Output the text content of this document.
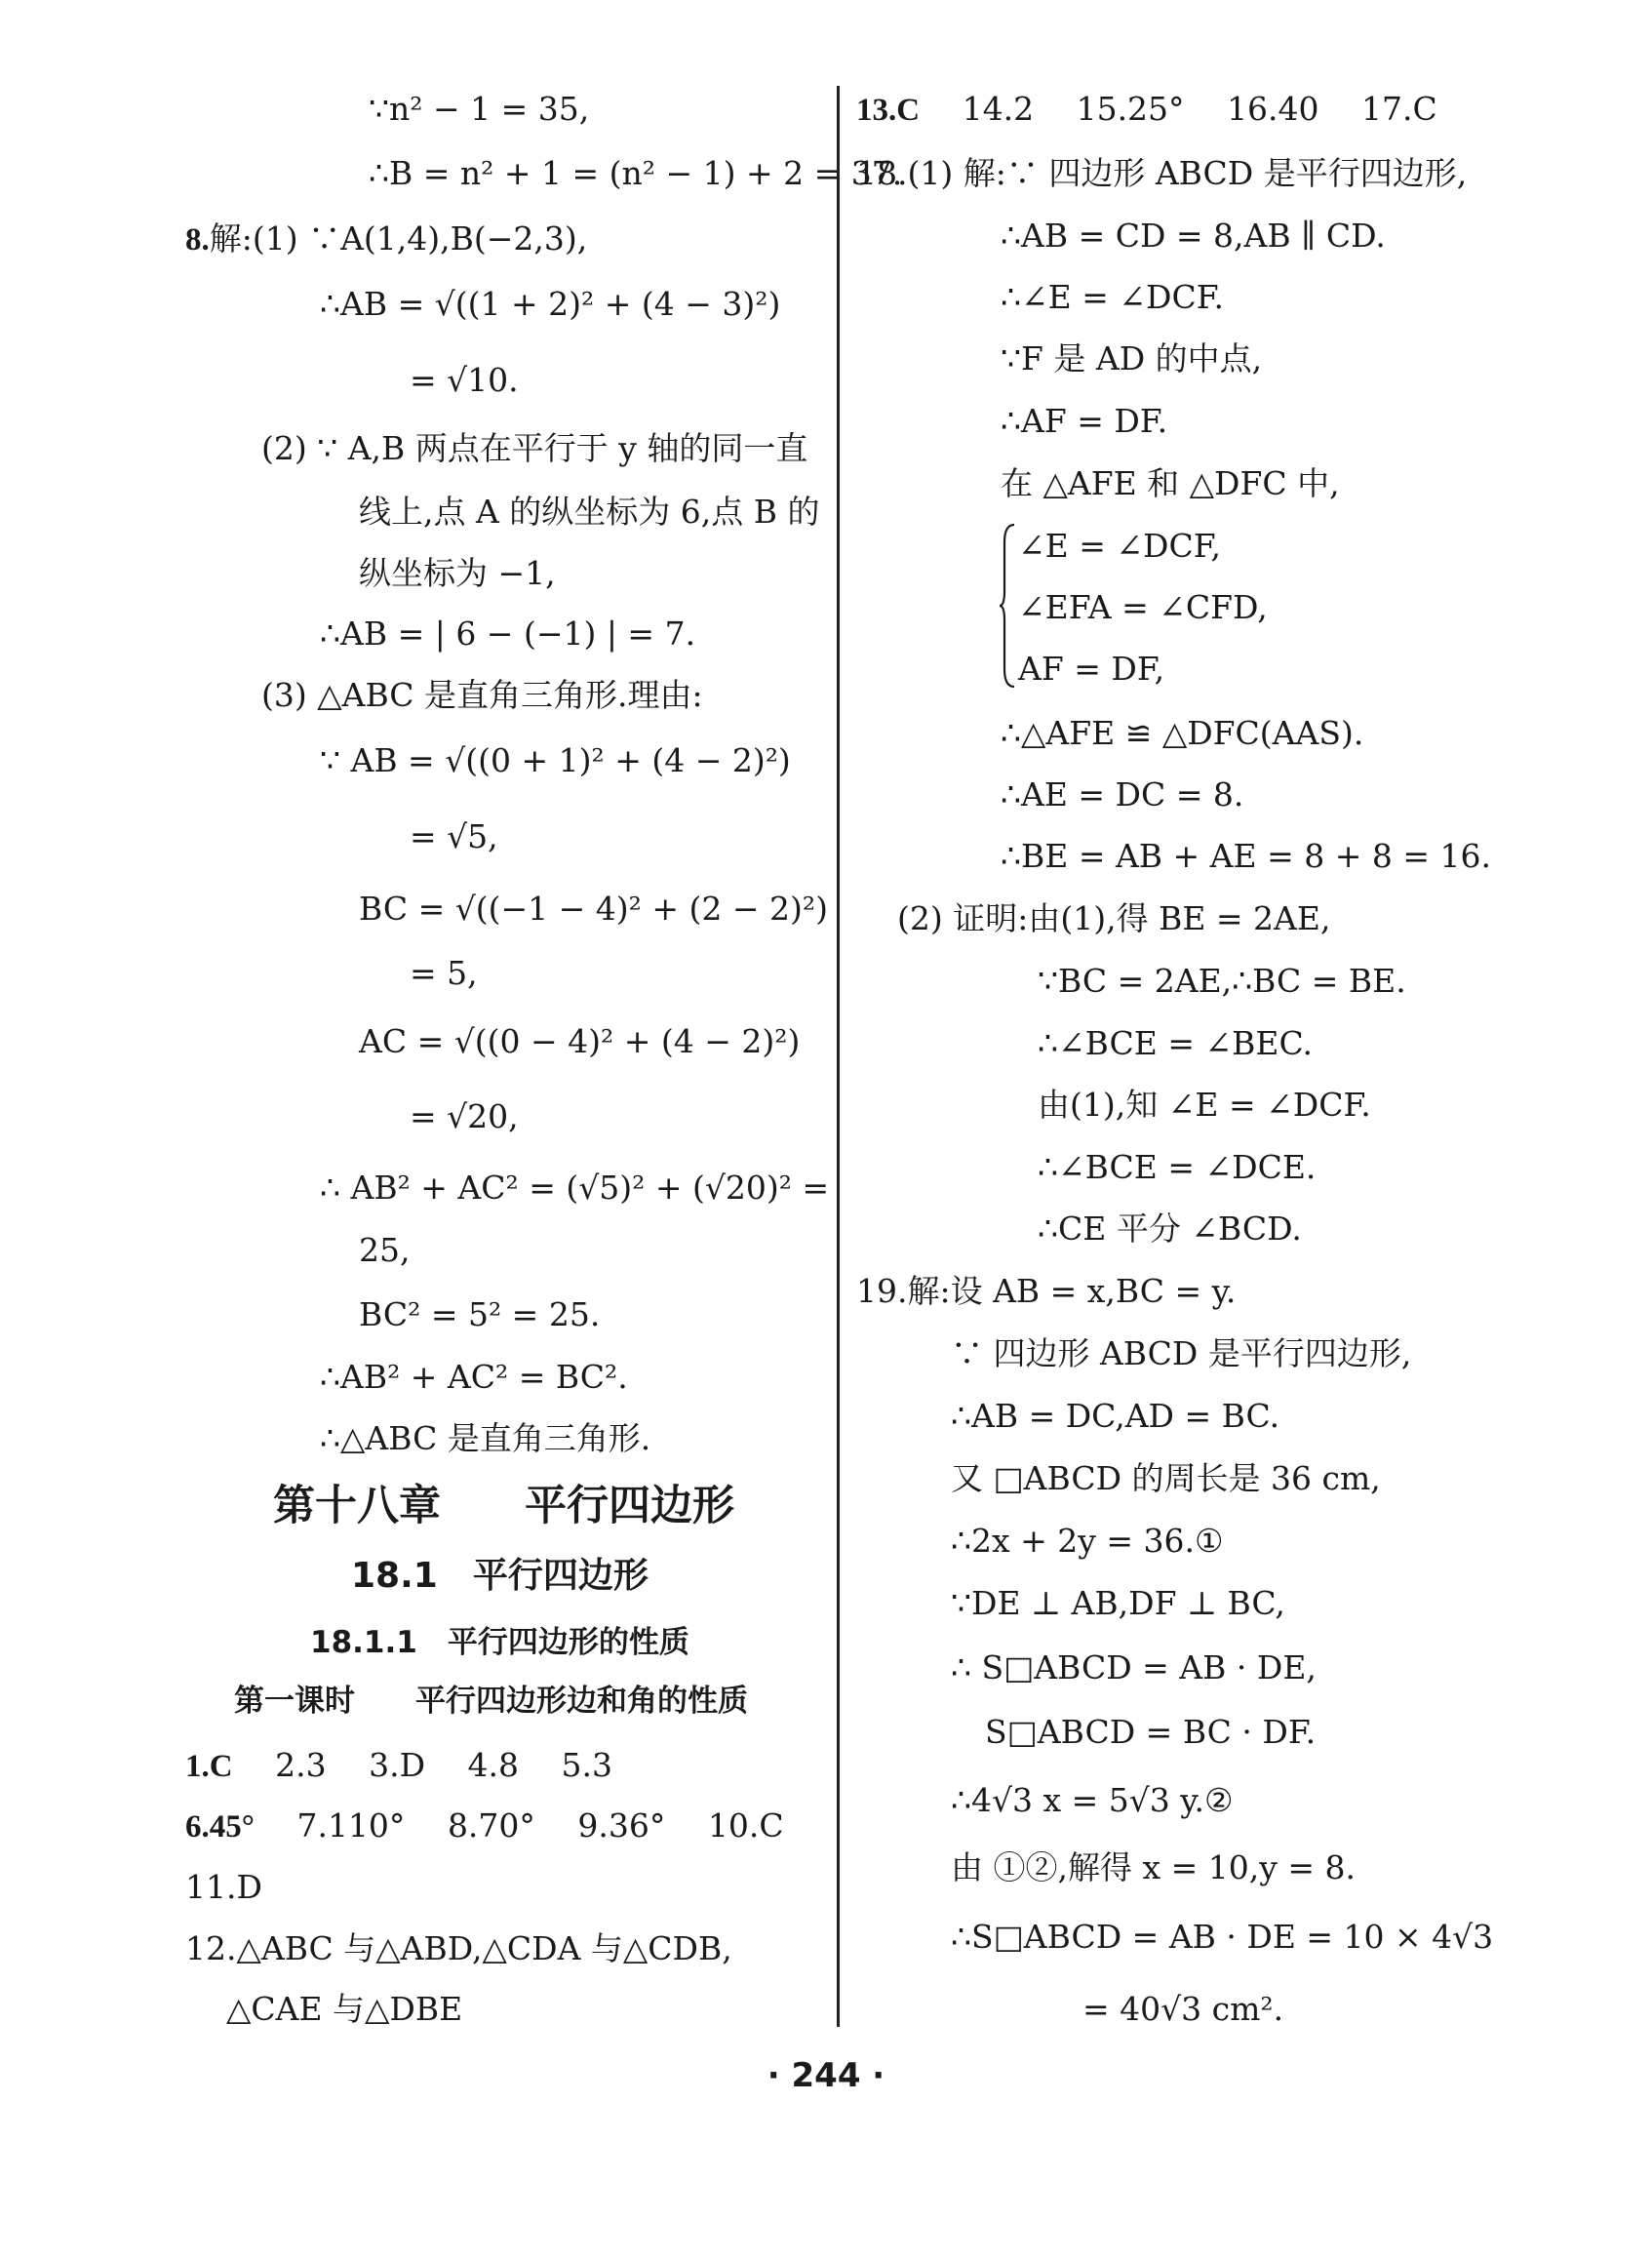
∵n² − 1 = 35,
∴B = n² + 1 = (n² − 1) + 2 = 37.
8.解:(1) ∵A(1,4),B(−2,3),
∴AB = √((1 + 2)² + (4 − 3)²)
= √10.
(2) ∵ A,B 两点在平行于 y 轴的同一直
线上,点 A 的纵坐标为 6,点 B 的
纵坐标为 −1,
∴AB = | 6 − (−1) | = 7.
(3) △ABC 是直角三角形.理由:
∵ AB = √((0 + 1)² + (4 − 2)²)
= √5,
BC = √((−1 − 4)² + (2 − 2)²)
= 5,
AC = √((0 − 4)² + (4 − 2)²)
= √20,
∴ AB² + AC² = (√5)² + (√20)² =
25,
BC² = 5² = 25.
∴AB² + AC² = BC².
∴△ABC 是直角三角形.
第十八章　　平行四边形
18.1　平行四边形
18.1.1　平行四边形的性质
第一课时　　平行四边形边和角的性质
1.C  2.3  3.D  4.8  5.3
6.45°  7.110°  8.70°  9.36°  10.C
11.D
12.△ABC 与△ABD,△CDA 与△CDB,
△CAE 与△DBE
13.C  14.2  15.25°  16.40  17.C
18.(1) 解:∵ 四边形 ABCD 是平行四边形,
∴AB = CD = 8,AB ∥ CD.
∴∠E = ∠DCF.
∵F 是 AD 的中点,
∴AF = DF.
在 △AFE 和 △DFC 中,
∠E = ∠DCF,
∠EFA = ∠CFD,
AF = DF,
∴△AFE ≌ △DFC(AAS).
∴AE = DC = 8.
∴BE = AB + AE = 8 + 8 = 16.
(2) 证明:由(1),得 BE = 2AE,
∵BC = 2AE,∴BC = BE.
∴∠BCE = ∠BEC.
由(1),知 ∠E = ∠DCF.
∴∠BCE = ∠DCE.
∴CE 平分 ∠BCD.
19.解:设 AB = x,BC = y.
∵ 四边形 ABCD 是平行四边形,
∴AB = DC,AD = BC.
又 □ABCD 的周长是 36 cm,
∴2x + 2y = 36.①
∵DE ⊥ AB,DF ⊥ BC,
∴ S□ABCD = AB · DE,
S□ABCD = BC · DF.
∴4√3 x = 5√3 y.②
由 ①②,解得 x = 10,y = 8.
∴S□ABCD = AB · DE = 10 × 4√3
= 40√3 cm².
· 244 ·
